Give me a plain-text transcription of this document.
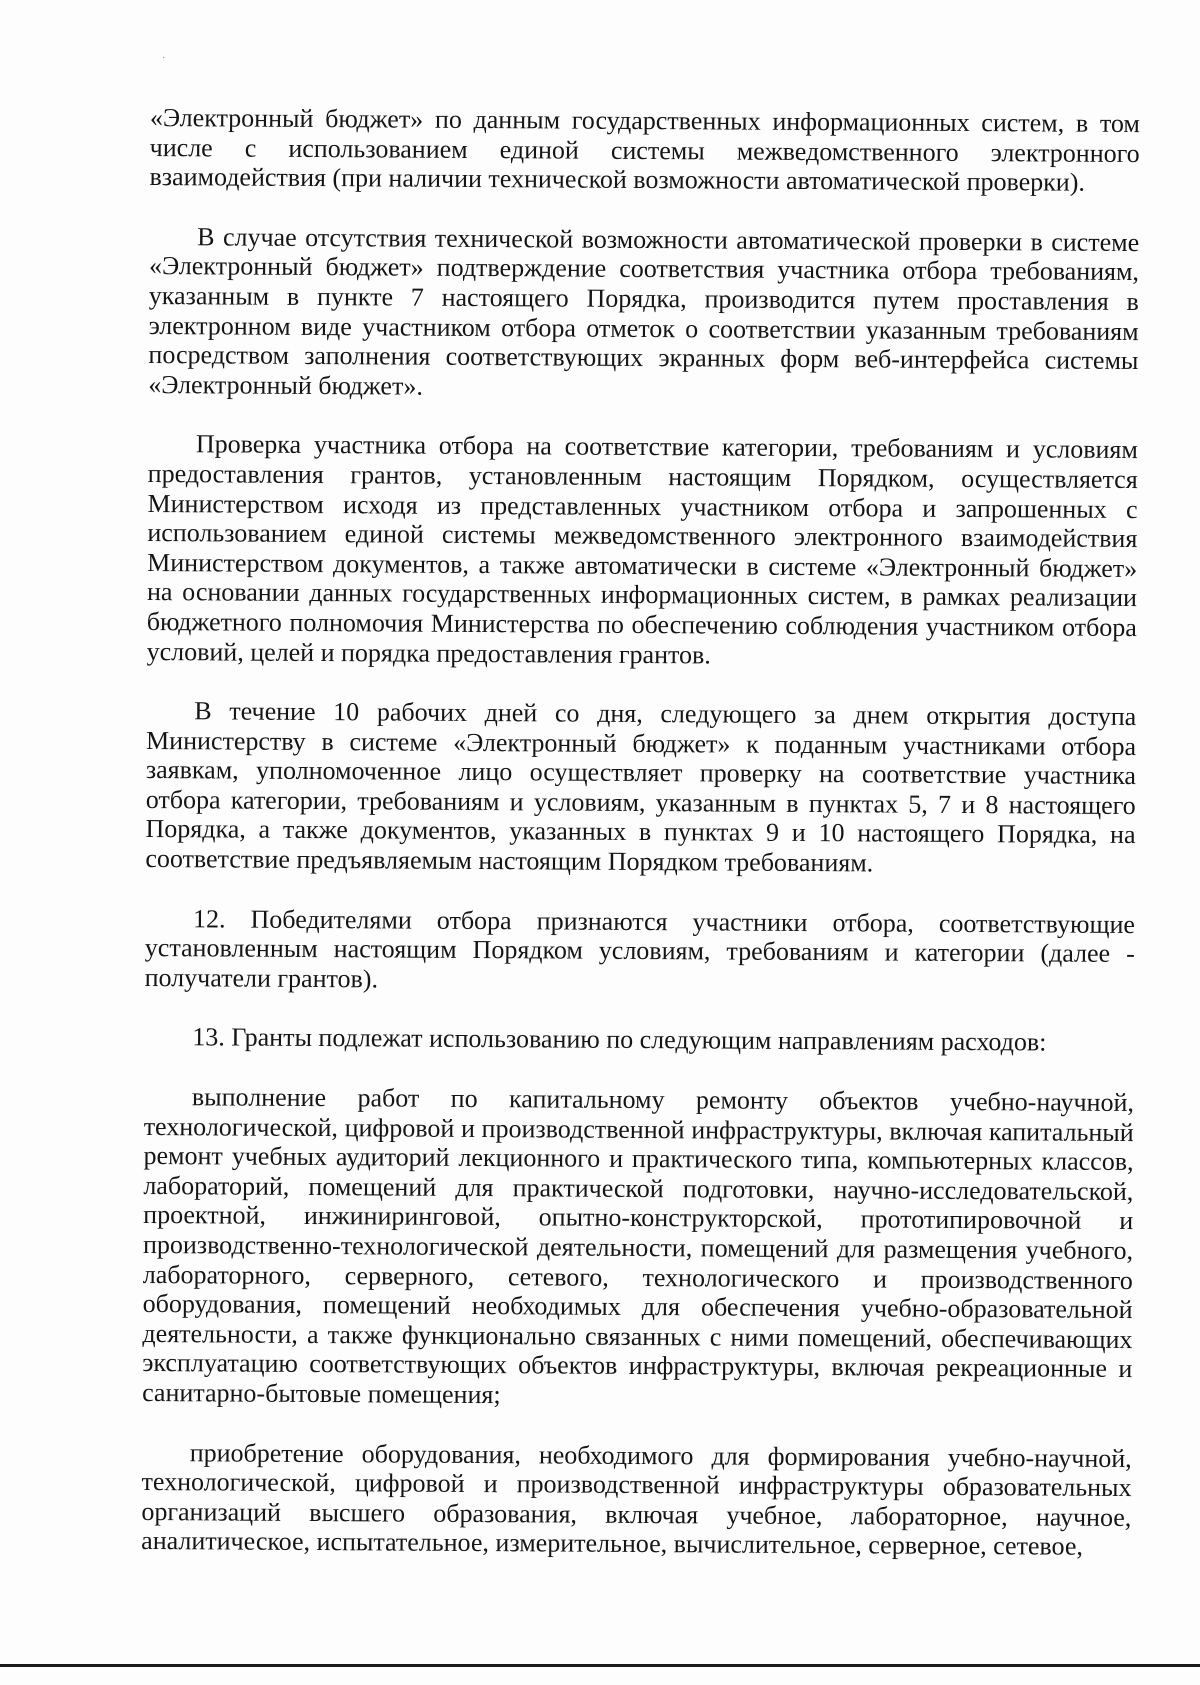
˙

«Электронный бюджет» по данным государственных информационных систем, в том числе с использованием единой системы межведомственного электронного взаимодействия (при наличии технической возможности автоматической проверки).

В случае отсутствия технической возможности автоматической проверки в системе «Электронный бюджет» подтверждение соответствия участника отбора требованиям, указанным в пункте 7 настоящего Порядка, производится путем проставления в электронном виде участником отбора отметок о соответствии указанным требованиям посредством заполнения соответствующих экранных форм веб-интерфейса системы «Электронный бюджет».

Проверка участника отбора на соответствие категории, требованиям и условиям предоставления грантов, установленным настоящим Порядком, осуществляется Министерством исходя из представленных участником отбора и запрошенных с использованием единой системы межведомственного электронного взаимодействия Министерством документов, а также автоматически в системе «Электронный бюджет» на основании данных государственных информационных систем, в рамках реализации бюджетного полномочия Министерства по обеспечению соблюдения участником отбора условий, целей и порядка предоставления грантов.

В течение 10 рабочих дней со дня, следующего за днем открытия доступа Министерству в системе «Электронный бюджет» к поданным участниками отбора заявкам, уполномоченное лицо осуществляет проверку на соответствие участника отбора категории, требованиям и условиям, указанным в пунктах 5, 7 и 8 настоящего Порядка, а также документов, указанных в пунктах 9 и 10 настоящего Порядка, на соответствие предъявляемым настоящим Порядком требованиям.

12. Победителями отбора признаются участники отбора, соответствующие установленным настоящим Порядком условиям, требованиям и категории (далее - получатели грантов).

13. Гранты подлежат использованию по следующим направлениям расходов:

выполнение работ по капитальному ремонту объектов учебно-научной, технологической, цифровой и производственной инфраструктуры, включая капитальный ремонт учебных аудиторий лекционного и практического типа, компьютерных классов, лабораторий, помещений для практической подготовки, научно-исследовательской, проектной, инжиниринговой, опытно-конструкторской, прототипировочной и производственно-технологической деятельности, помещений для размещения учебного, лабораторного, серверного, сетевого, технологического и производственного оборудования, помещений необходимых для обеспечения учебно-образовательной деятельности, а также функционально связанных с ними помещений, обеспечивающих эксплуатацию соответствующих объектов инфраструктуры, включая рекреационные и санитарно-бытовые помещения;

приобретение оборудования, необходимого для формирования учебно-научной, технологической, цифровой и производственной инфраструктуры образовательных организаций высшего образования, включая учебное, лабораторное, научное, аналитическое, испытательное, измерительное, вычислительное, серверное, сетевое,
